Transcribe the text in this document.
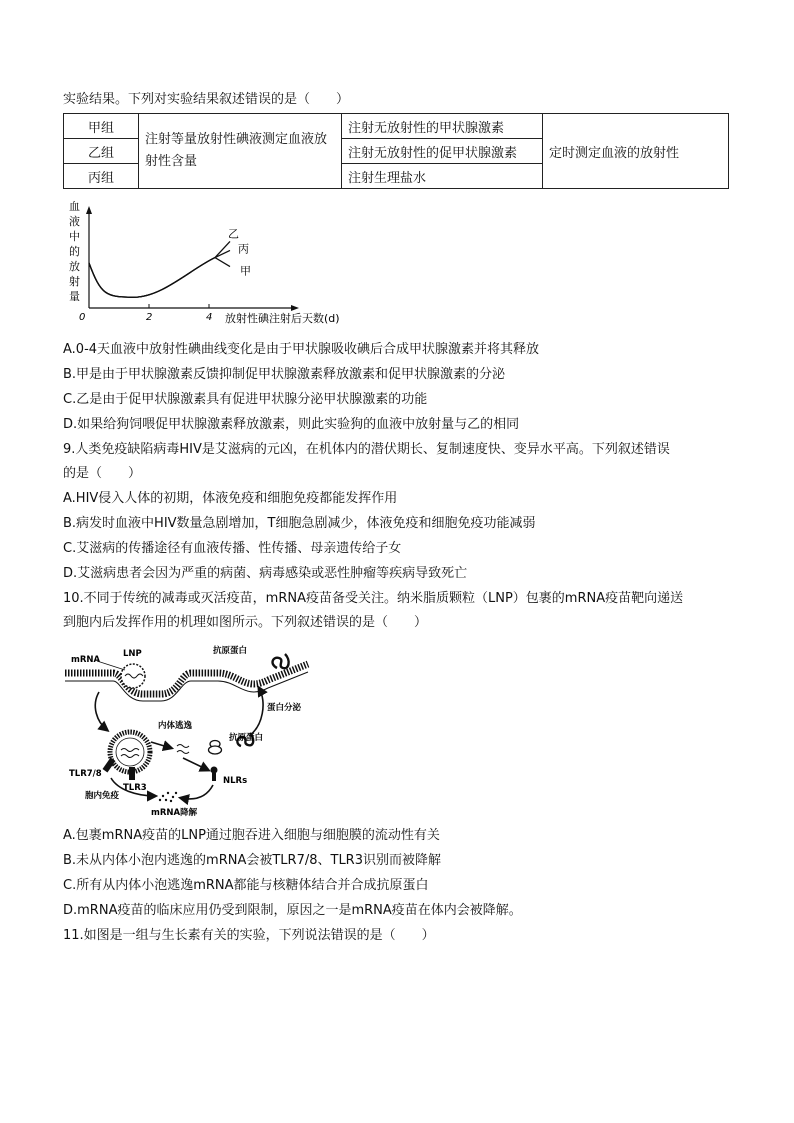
实验结果。下列对实验结果叙述错误的是（　　）
甲组	注射等量放射性碘液测定血液放射性含量	注射无放射性的甲状腺激素	定时测定血液的放射性
乙组		注射无放射性的促甲状腺激素	
丙组		注射生理盐水	
血
液
中
的
放
射
量
0	2	4
乙
丙
甲
放射性碘注射后天数(d)
A.0-4天血液中放射性碘曲线变化是由于甲状腺吸收碘后合成甲状腺激素并将其释放
B.甲是由于甲状腺激素反馈抑制促甲状腺激素释放激素和促甲状腺激素的分泌
C.乙是由于促甲状腺激素具有促进甲状腺分泌甲状腺激素的功能
D.如果给狗饲喂促甲状腺激素释放激素，则此实验狗的血液中放射量与乙的相同
9.人类免疫缺陷病毒HIV是艾滋病的元凶，在机体内的潜伏期长、复制速度快、变异水平高。下列叙述错误
的是（　　）
A.HIV侵入人体的初期，体液免疫和细胞免疫都能发挥作用
B.病发时血液中HIV数量急剧增加，T细胞急剧减少，体液免疫和细胞免疫功能减弱
C.艾滋病的传播途径有血液传播、性传播、母亲遗传给子女
D.艾滋病患者会因为严重的病菌、病毒感染或恶性肿瘤等疾病导致死亡
10.不同于传统的减毒或灭活疫苗，mRNA疫苗备受关注。纳米脂质颗粒（LNP）包裹的mRNA疫苗靶向递送
到胞内后发挥作用的机理如图所示。下列叙述错误的是（　　）
mRNA
LNP	抗原蛋白
内体逃逸
抗原蛋白
蛋白分泌
TLR7/8
TLR3
NLRs
胞内免疫
mRNA降解
A.包裹mRNA疫苗的LNP通过胞吞进入细胞与细胞膜的流动性有关
B.未从内体小泡内逃逸的mRNA会被TLR7/8、TLR3识别而被降解
C.所有从内体小泡逃逸mRNA都能与核糖体结合并合成抗原蛋白
D.mRNA疫苗的临床应用仍受到限制，原因之一是mRNA疫苗在体内会被降解。
11.如图是一组与生长素有关的实验，下列说法错误的是（　　）
